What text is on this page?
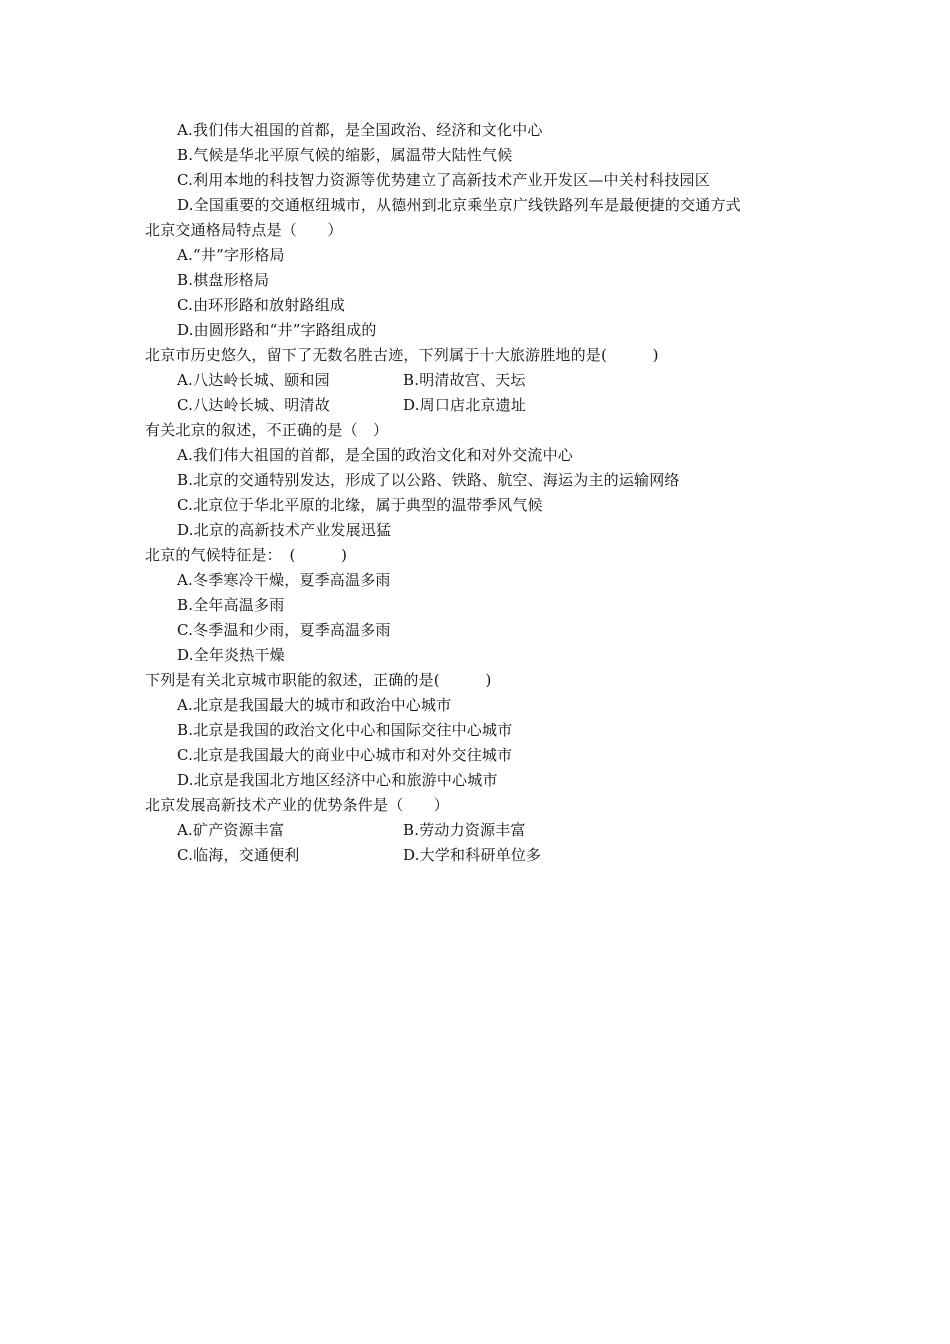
A.我们伟大祖国的首都，是全国政治、经济和文化中心
B.气候是华北平原气候的缩影，属温带大陆性气候
C.利用本地的科技智力资源等优势建立了高新技术产业开发区—中关村科技园区
D.全国重要的交通枢纽城市，从德州到北京乘坐京广线铁路列车是最便捷的交通方式
北京交通格局特点是（　　）
A.“井”字形格局
B.棋盘形格局
C.由环形路和放射路组成
D.由圆形路和“井”字路组成的
北京市历史悠久，留下了无数名胜古迹，下列属于十大旅游胜地的是(　　　)
A.八达岭长城、颐和园	B.明清故宫、天坛
C.八达岭长城、明清故	D.周口店北京遗址
有关北京的叙述，不正确的是（　）
A.我们伟大祖国的首都，是全国的政治文化和对外交流中心
B.北京的交通特别发达，形成了以公路、铁路、航空、海运为主的运输网络
C.北京位于华北平原的北缘，属于典型的温带季风气候
D.北京的高新技术产业发展迅猛
北京的气候特征是：　(　　　)
A.冬季寒冷干燥，夏季高温多雨
B.全年高温多雨
C.冬季温和少雨，夏季高温多雨
D.全年炎热干燥
下列是有关北京城市职能的叙述，正确的是(　　　)
A.北京是我国最大的城市和政治中心城市
B.北京是我国的政治文化中心和国际交往中心城市
C.北京是我国最大的商业中心城市和对外交往城市
D.北京是我国北方地区经济中心和旅游中心城市
北京发展高新技术产业的优势条件是（　　）
A.矿产资源丰富	B.劳动力资源丰富
C.临海，交通便利	D.大学和科研单位多
